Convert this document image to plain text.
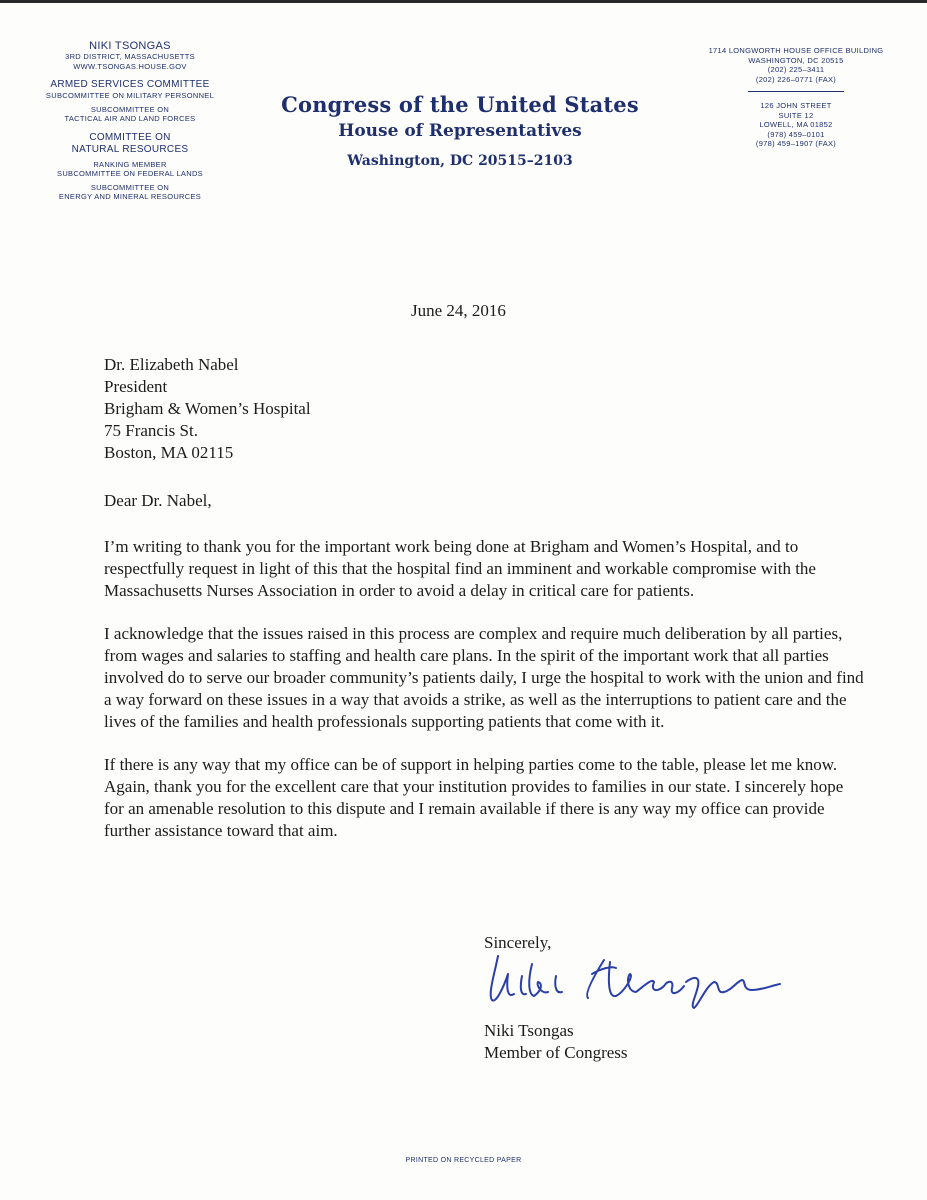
NIKI TSONGAS
3RD DISTRICT, MASSACHUSETTS
WWW.TSONGAS.HOUSE.GOV
ARMED SERVICES COMMITTEE
SUBCOMMITTEE ON MILITARY PERSONNEL
SUBCOMMITTEE ON
TACTICAL AIR AND LAND FORCES
COMMITTEE ON
NATURAL RESOURCES
RANKING MEMBER
SUBCOMMITTEE ON FEDERAL LANDS
SUBCOMMITTEE ON
ENERGY AND MINERAL RESOURCES
Congress of the United States
House of Representatives
Washington, DC 20515–2103
1714 LONGWORTH HOUSE OFFICE BUILDING
WASHINGTON, DC 20515
(202) 225–3411
(202) 226–0771 (FAX)
126 JOHN STREET
SUITE 12
LOWELL, MA 01852
(978) 459–0101
(978) 459–1907 (FAX)
June 24, 2016
Dr. Elizabeth Nabel
President
Brigham & Women’s Hospital
75 Francis St.
Boston, MA 02115
Dear Dr. Nabel,

I’m writing to thank you for the important work being done at Brigham and Women’s Hospital, and to respectfully request in light of this that the hospital find an imminent and workable compromise with the Massachusetts Nurses Association in order to avoid a delay in critical care for patients.

I acknowledge that the issues raised in this process are complex and require much deliberation by all parties, from wages and salaries to staffing and health care plans. In the spirit of the important work that all parties involved do to serve our broader community’s patients daily, I urge the hospital to work with the union and find a way forward on these issues in a way that avoids a strike, as well as the interruptions to patient care and the lives of the families and health professionals supporting patients that come with it.

If there is any way that my office can be of support in helping parties come to the table, please let me know. Again, thank you for the excellent care that your institution provides to families in our state. I sincerely hope for an amenable resolution to this dispute and I remain available if there is any way my office can provide further assistance toward that aim.

Sincerely,
Niki Tsongas
Member of Congress
PRINTED ON RECYCLED PAPER
